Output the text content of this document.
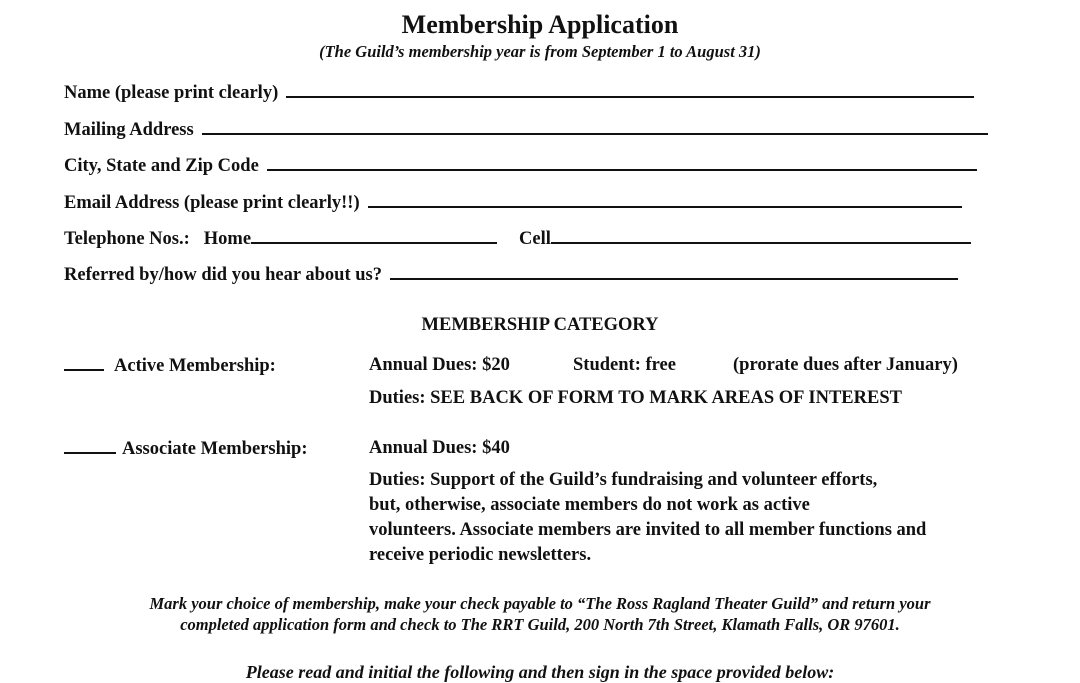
Membership Application
(The Guild’s membership year is from September 1 to August 31)
Name (please print clearly)
Mailing Address
City, State and Zip Code
Email Address (please print clearly!!)
Telephone Nos.: Home	Cell
Referred by/how did you hear about us?
MEMBERSHIP CATEGORY
Active Membership:	Annual Dues: $20	Student: free	(prorate dues after January)
Duties: SEE BACK OF FORM TO MARK AREAS OF INTEREST
Associate Membership:	Annual Dues: $40
Duties: Support of the Guild’s fundraising and volunteer efforts,
but, otherwise, associate members do not work as active
volunteers. Associate members are invited to all member functions and
receive periodic newsletters.
Mark your choice of membership, make your check payable to “The Ross Ragland Theater Guild” and return your
completed application form and check to The RRT Guild, 200 North 7th Street, Klamath Falls, OR 97601.
Please read and initial the following and then sign in the space provided below:
